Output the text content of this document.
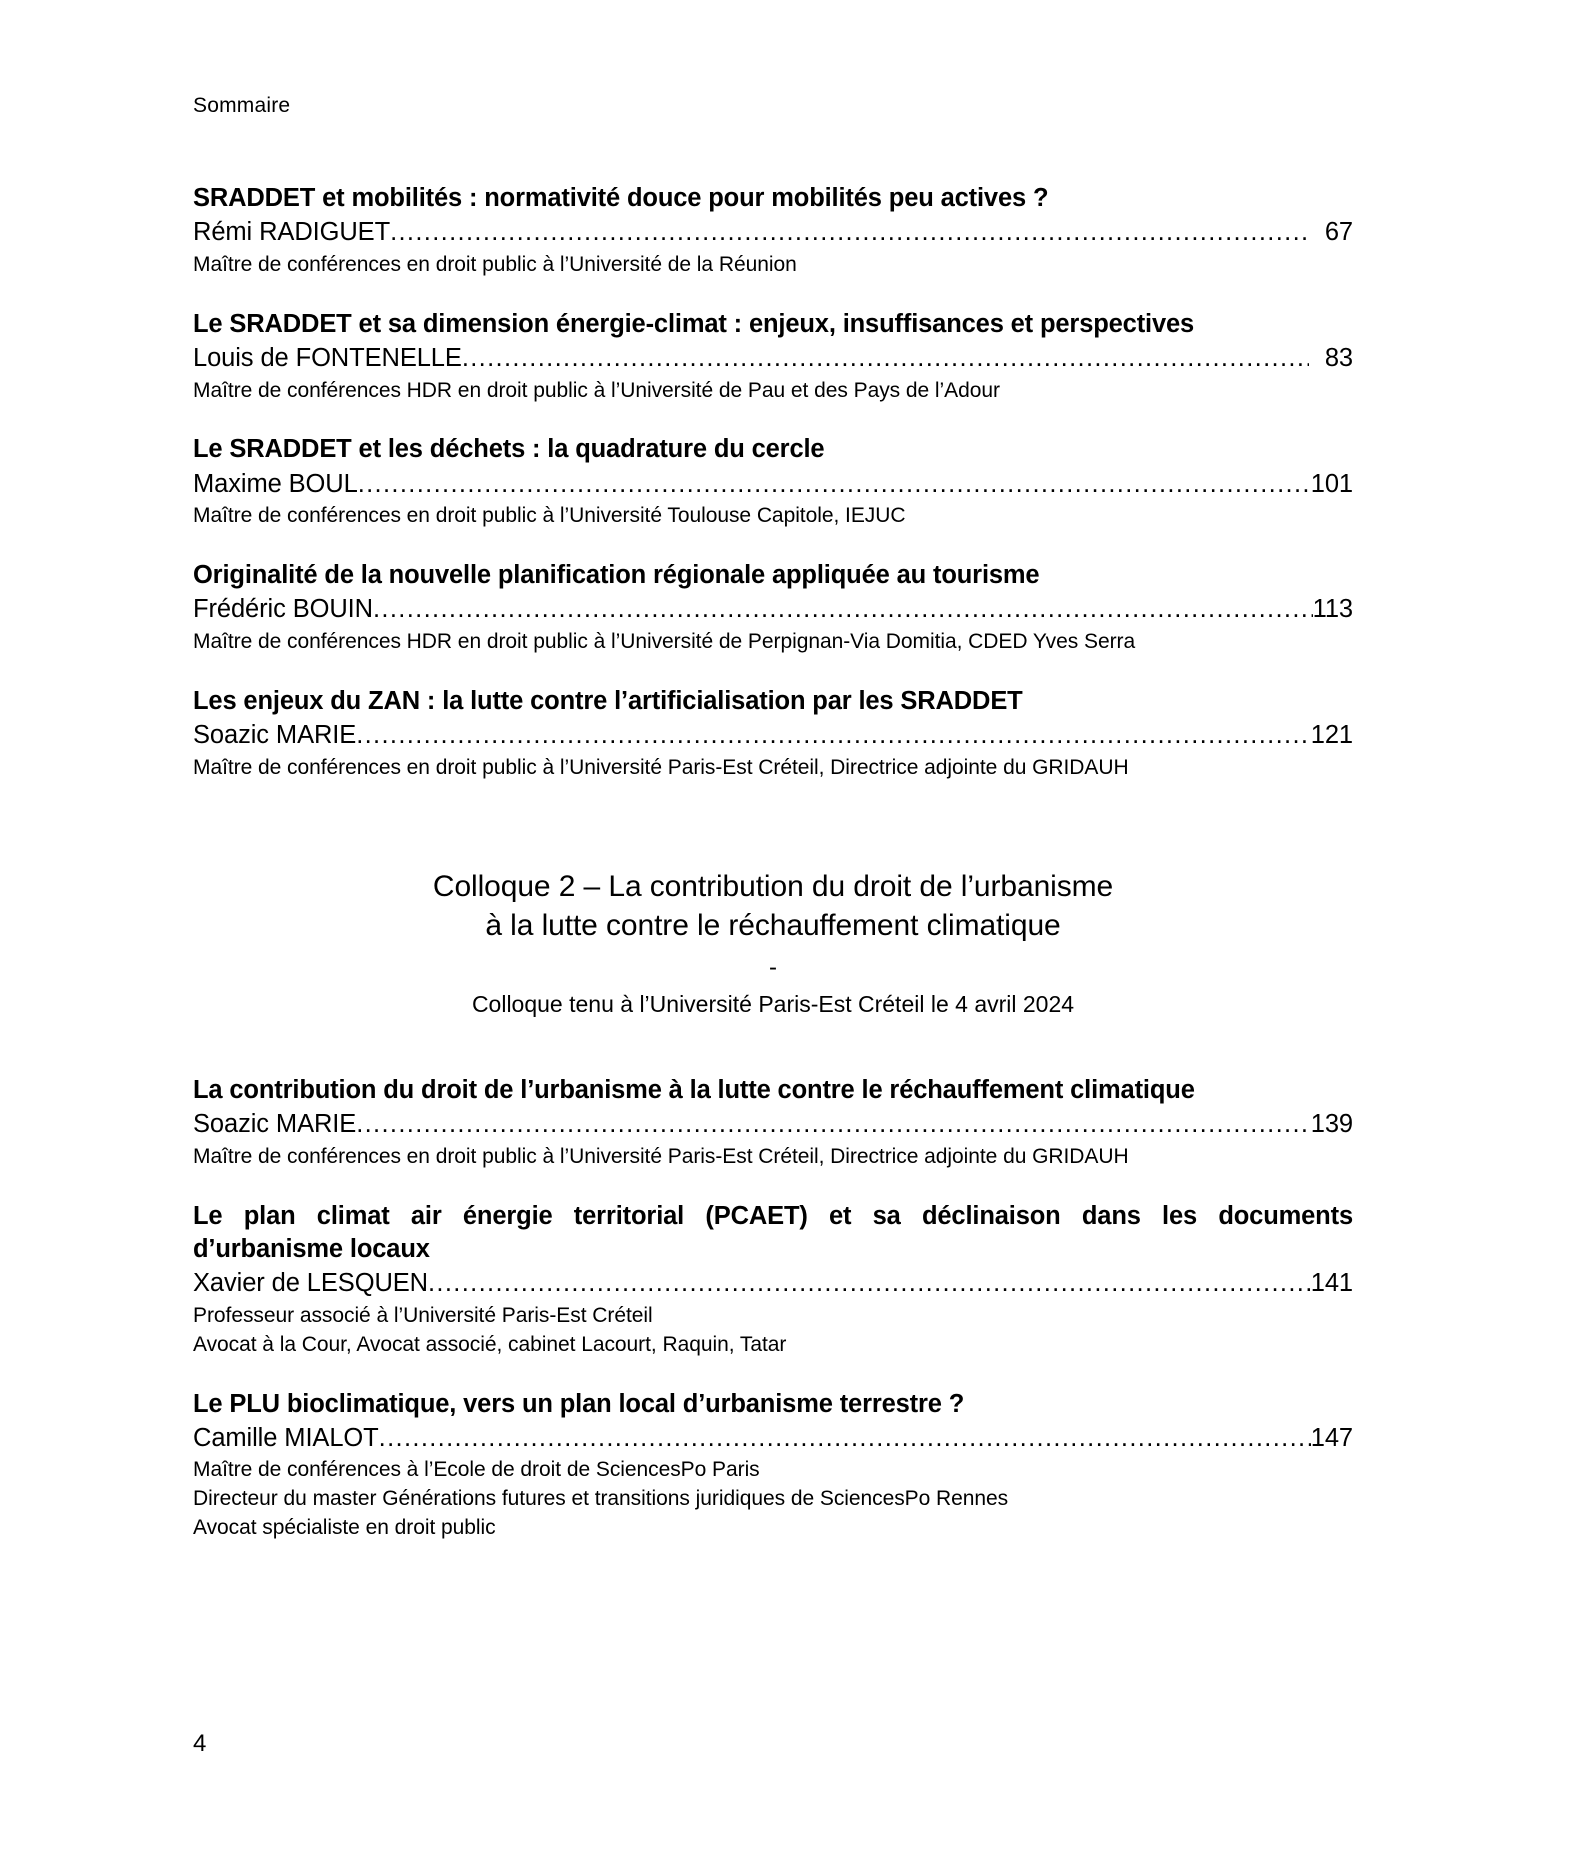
Sommaire
SRADDET et mobilités : normativité douce pour mobilités peu actives ?
Rémi RADIGUET .....	67
Maître de conférences en droit public à l’Université de la Réunion
Le SRADDET et sa dimension énergie-climat : enjeux, insuffisances et perspectives
Louis de FONTENELLE .....	83
Maître de conférences HDR en droit public à l’Université de Pau et des Pays de l’Adour
Le SRADDET et les déchets : la quadrature du cercle
Maxime BOUL .....	101
Maître de conférences en droit public à l’Université Toulouse Capitole, IEJUC
Originalité de la nouvelle planification régionale appliquée au tourisme
Frédéric BOUIN .....	113
Maître de conférences HDR en droit public à l’Université de Perpignan-Via Domitia, CDED Yves Serra
Les enjeux du ZAN : la lutte contre l’artificialisation par les SRADDET
Soazic MARIE .....	121
Maître de conférences en droit public à l’Université Paris-Est Créteil, Directrice adjointe du GRIDAUH
Colloque 2 – La contribution du droit de l’urbanisme
à la lutte contre le réchauffement climatique
-
Colloque tenu à l’Université Paris-Est Créteil le 4 avril 2024
La contribution du droit de l’urbanisme à la lutte contre le réchauffement climatique
Soazic MARIE .....	139
Maître de conférences en droit public à l’Université Paris-Est Créteil, Directrice adjointe du GRIDAUH
Le plan climat air énergie territorial (PCAET) et sa déclinaison dans les documents
d’urbanisme locaux
Xavier de LESQUEN .....	141
Professeur associé à l’Université Paris-Est Créteil
Avocat à la Cour, Avocat associé, cabinet Lacourt, Raquin, Tatar
Le PLU bioclimatique, vers un plan local d’urbanisme terrestre ?
Camille MIALOT .....	147
Maître de conférences à l’Ecole de droit de SciencesPo Paris
Directeur du master Générations futures et transitions juridiques de SciencesPo Rennes
Avocat spécialiste en droit public
4
